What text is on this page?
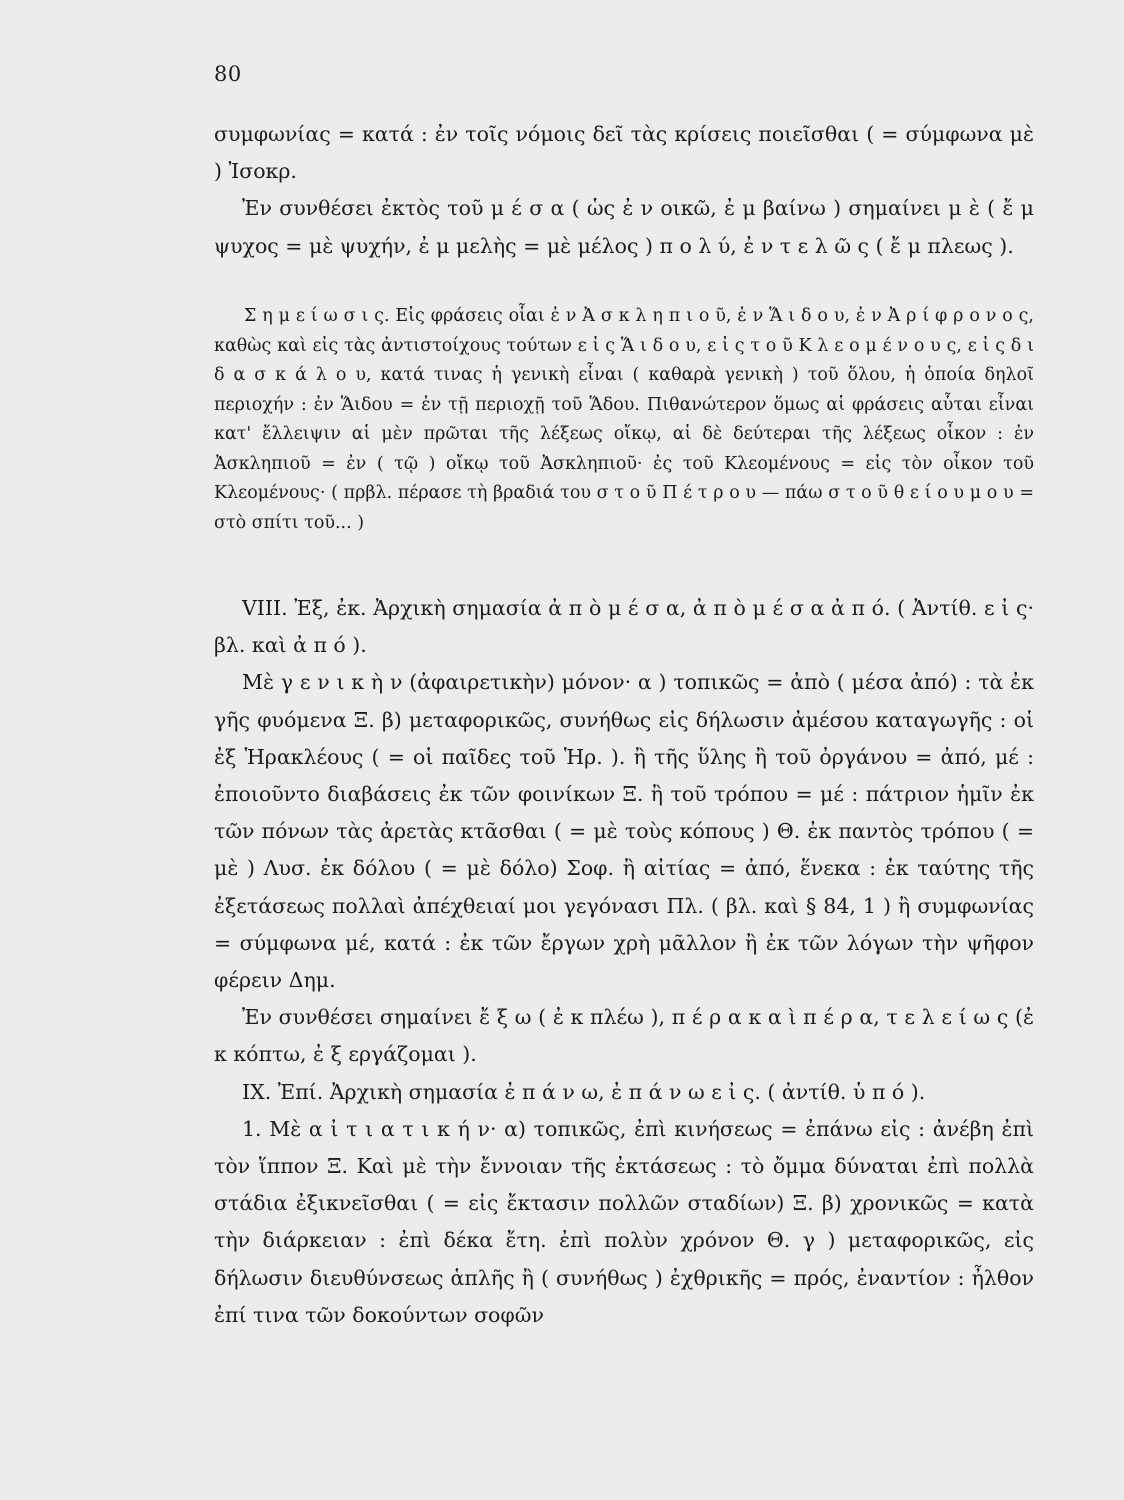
80

συμφωνίας = κατά : ἐν τοῖς νόμοις δεῖ τὰς κρίσεις ποιεῖσθαι ( = σύμφωνα μὲ ) Ἰσοκρ.

Ἐν συνθέσει ἐκτὸς τοῦ μ έ σ α ( ὡς ἐ ν οικῶ, ἐ μ βαίνω ) σημαίνει μ ὲ ( ἔ μ ψυχος = μὲ ψυχήν, ἐ μ μελὴς = μὲ μέλος ) π ο λ ύ, ἐ ν τ ε λ ῶ ς ( ἔ μ πλεως ).

Σ η μ ε ί ω σ ι ς. Εἰς φράσεις οἷαι ἐ ν Ἀ σ κ λ η π ι ο ῦ, ἐ ν Ἅ ι δ ο υ, ἐ ν Ἀ ρ ί φ ρ ο ν ο ς, καθὼς καὶ εἰς τὰς ἀντιστοίχους τούτων ε ἰ ς Ἅ ι δ ο υ, ε ἰ ς τ ο ῦ Κ λ ε ο μ έ ν ο υ ς, ε ἰ ς δ ι δ α σ κ ά λ ο υ, κατά τινας ἡ γενικὴ εἶναι ( καθαρὰ γενικὴ ) τοῦ ὅλου, ἡ ὁποία δηλοῖ περιοχήν : ἐν Ἅιδου = ἐν τῇ περιοχῇ τοῦ Ἅδου. Πιθανώτερον ὅμως αἱ φράσεις αὗται εἶναι κατ' ἔλλειψιν αἱ μὲν πρῶται τῆς λέξεως οἴκῳ, αἱ δὲ δεύτεραι τῆς λέξεως οἶκον : ἐν Ἀσκληπιοῦ = ἐν ( τῷ ) οἴκῳ τοῦ Ἀσκληπιοῦ· ἐς τοῦ Κλεομένους = εἰς τὸν οἶκον τοῦ Κλεομένους· ( πρβλ. πέρασε τὴ βραδιά του σ τ ο ῦ Π έ τ ρ ο υ — πάω σ τ ο ῦ θ ε ί ο υ μ ο υ = στὸ σπίτι τοῦ... )

VIII. Ἐξ, ἐκ. Ἀρχικὴ σημασία ἀ π ὸ μ έ σ α, ἀ π ὸ μ έ σ α ἀ π ό. ( Ἀντίθ. ε ἰ ς· βλ. καὶ ἀ π ό ).

Μὲ γ ε ν ι κ ὴ ν (ἀφαιρετικὴν) μόνον· α ) τοπικῶς = ἀπὸ ( μέσα ἀπό) : τὰ ἐκ γῆς φυόμενα Ξ. β) μεταφορικῶς, συνήθως εἰς δήλωσιν ἀμέσου καταγωγῆς : οἱ ἐξ Ἡρακλέους ( = οἱ παῖδες τοῦ Ἡρ. ). ἢ τῆς ὕλης ἢ τοῦ ὀργάνου = ἀπό, μέ : ἐποιοῦντο διαβάσεις ἐκ τῶν φοινίκων Ξ. ἢ τοῦ τρόπου = μέ : πάτριον ἡμῖν ἐκ τῶν πόνων τὰς ἀρετὰς κτᾶσθαι ( = μὲ τοὺς κόπους ) Θ. ἐκ παντὸς τρόπου ( = μὲ ) Λυσ. ἐκ δόλου ( = μὲ δόλο) Σοφ. ἢ αἰτίας = ἀπό, ἕνεκα : ἐκ ταύτης τῆς ἐξετάσεως πολλαὶ ἀπέχθειαί μοι γεγόνασι Πλ. ( βλ. καὶ § 84, 1 ) ἢ συμφωνίας = σύμφωνα μέ, κατά : ἐκ τῶν ἔργων χρὴ μᾶλλον ἢ ἐκ τῶν λόγων τὴν ψῆφον φέρειν Δημ.

Ἐν συνθέσει σημαίνει ἔ ξ ω ( ἐ κ πλέω ), π έ ρ α κ α ὶ π έ ρ α, τ ε λ ε ί ω ς (ἐ κ κόπτω, ἐ ξ εργάζομαι ).

IX. Ἐπί. Ἀρχικὴ σημασία ἐ π ά ν ω, ἐ π ά ν ω ε ἰ ς. ( ἀντίθ. ὑ π ό ).

1. Μὲ α ἰ τ ι α τ ι κ ή ν· α) τοπικῶς, ἐπὶ κινήσεως = ἐπάνω εἰς : ἀνέβη ἐπὶ τὸν ἵππον Ξ. Καὶ μὲ τὴν ἔννοιαν τῆς ἐκτάσεως : τὸ ὄμμα δύναται ἐπὶ πολλὰ στάδια ἐξικνεῖσθαι ( = εἰς ἔκτασιν πολλῶν σταδίων) Ξ. β) χρονικῶς = κατὰ τὴν διάρκειαν : ἐπὶ δέκα ἔτη. ἐπὶ πολὺν χρόνον Θ. γ ) μεταφορικῶς, εἰς δήλωσιν διευθύνσεως ἁπλῆς ἢ ( συνήθως ) ἐχθρικῆς = πρός, ἐναντίον : ἦλθον ἐπί τινα τῶν δοκούντων σοφῶν
